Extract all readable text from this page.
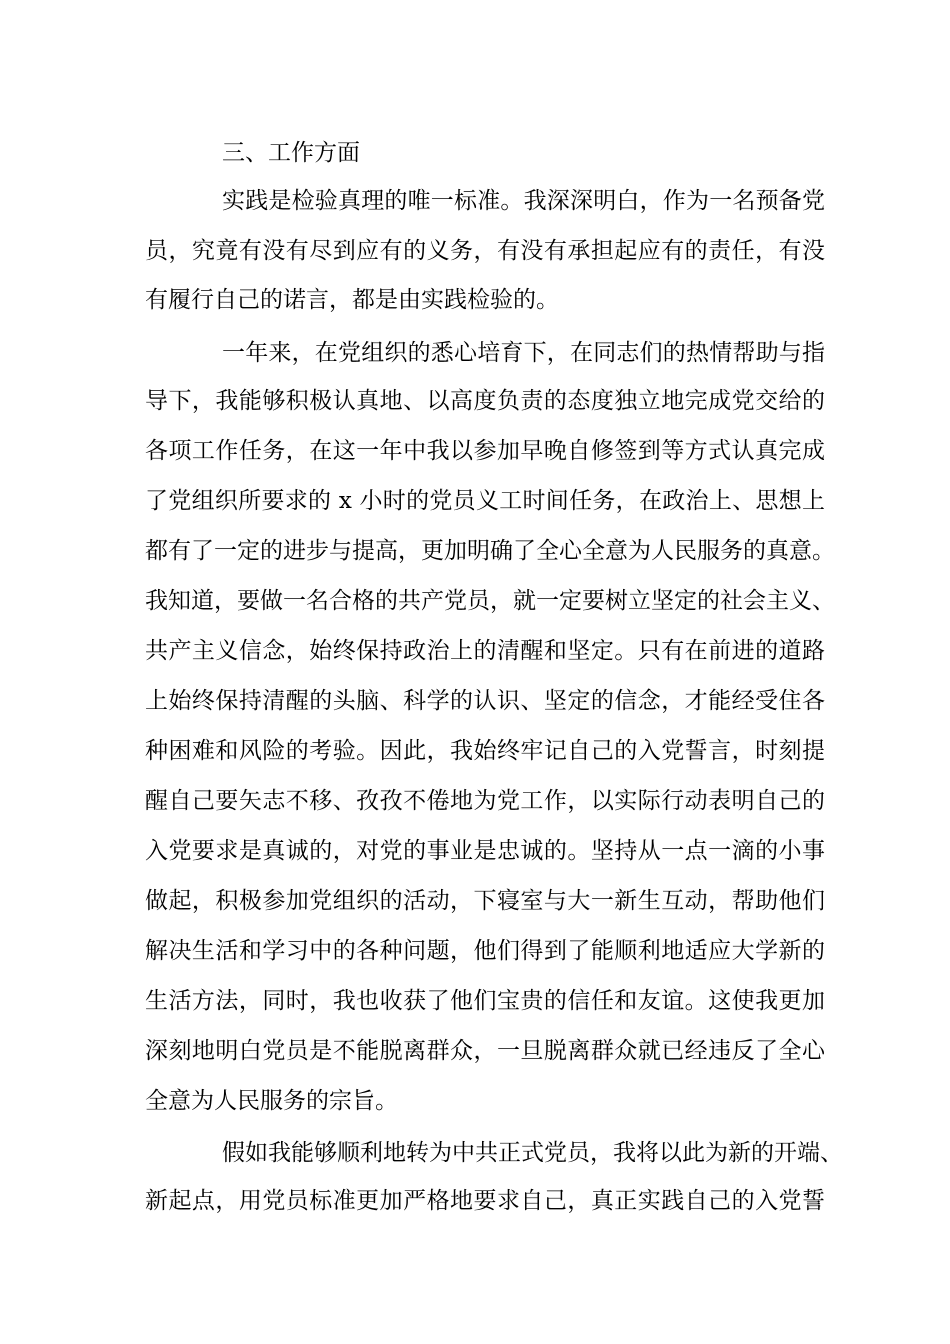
三、工作方面
实践是检验真理的唯一标准。我深深明白，作为一名预备党
员，究竟有没有尽到应有的义务，有没有承担起应有的责任，有没
有履行自己的诺言，都是由实践检验的。
一年来，在党组织的悉心培育下，在同志们的热情帮助与指
导下，我能够积极认真地、以高度负责的态度独立地完成党交给的
各项工作任务，在这一年中我以参加早晚自修签到等方式认真完成
了党组织所要求的 x 小时的党员义工时间任务，在政治上、思想上
都有了一定的进步与提高，更加明确了全心全意为人民服务的真意。
我知道，要做一名合格的共产党员，就一定要树立坚定的社会主义、
共产主义信念，始终保持政治上的清醒和坚定。只有在前进的道路
上始终保持清醒的头脑、科学的认识、坚定的信念，才能经受住各
种困难和风险的考验。因此，我始终牢记自己的入党誓言，时刻提
醒自己要矢志不移、孜孜不倦地为党工作，以实际行动表明自己的
入党要求是真诚的，对党的事业是忠诚的。坚持从一点一滴的小事
做起，积极参加党组织的活动，下寝室与大一新生互动，帮助他们
解决生活和学习中的各种问题，他们得到了能顺利地适应大学新的
生活方法，同时，我也收获了他们宝贵的信任和友谊。这使我更加
深刻地明白党员是不能脱离群众，一旦脱离群众就已经违反了全心
全意为人民服务的宗旨。
假如我能够顺利地转为中共正式党员，我将以此为新的开端、
新起点，用党员标准更加严格地要求自己，真正实践自己的入党誓
